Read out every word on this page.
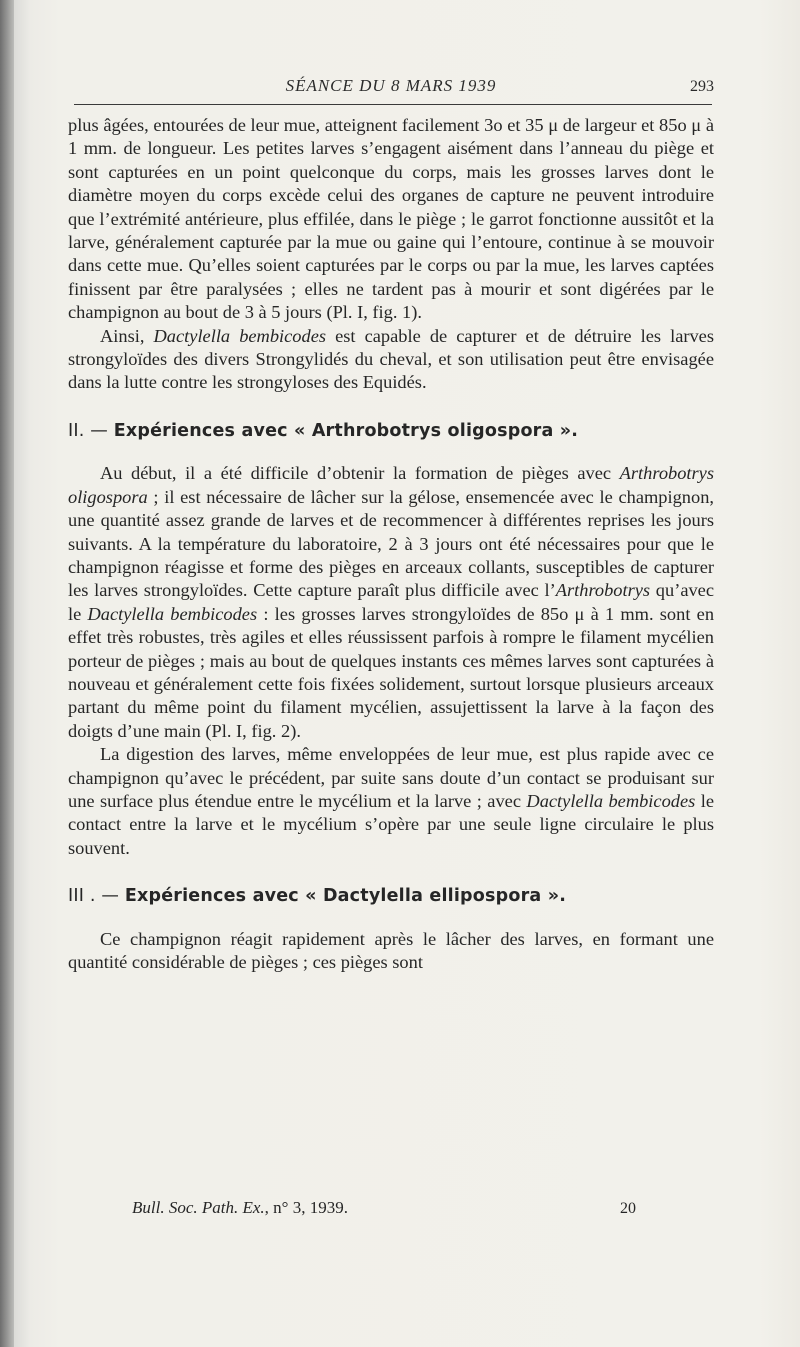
SÉANCE DU 8 MARS 1939	293

plus âgées, entourées de leur mue, atteignent facilement 3o et 35 μ de largeur et 85o μ à 1 mm. de longueur. Les petites larves s’engagent aisément dans l’anneau du piège et sont capturées en un point quelconque du corps, mais les grosses larves dont le diamètre moyen du corps excède celui des organes de capture ne peuvent introduire que l’extrémité antérieure, plus effilée, dans le piège ; le garrot fonctionne aussitôt et la larve, généralement capturée par la mue ou gaine qui l’entoure, continue à se mouvoir dans cette mue. Qu’elles soient capturées par le corps ou par la mue, les larves captées finissent par être paralysées ; elles ne tardent pas à mourir et sont digérées par le champignon au bout de 3 à 5 jours (Pl. I, fig. 1).

Ainsi, Dactylella bembicodes est capable de capturer et de détruire les larves strongyloïdes des divers Strongylidés du cheval, et son utilisation peut être envisagée dans la lutte contre les strongyloses des Equidés.

II. — Expériences avec « Arthrobotrys oligospora ».

Au début, il a été difficile d’obtenir la formation de pièges avec Arthrobotrys oligospora ; il est nécessaire de lâcher sur la gélose, ensemencée avec le champignon, une quantité assez grande de larves et de recommencer à différentes reprises les jours suivants. A la température du laboratoire, 2 à 3 jours ont été nécessaires pour que le champignon réagisse et forme des pièges en arceaux collants, susceptibles de capturer les larves strongyloïdes. Cette capture paraît plus difficile avec l’Arthrobotrys qu’avec le Dactylella bembicodes : les grosses larves strongyloïdes de 85o μ à 1 mm. sont en effet très robustes, très agiles et elles réussissent parfois à rompre le filament mycélien porteur de pièges ; mais au bout de quelques instants ces mêmes larves sont capturées à nouveau et généralement cette fois fixées solidement, surtout lorsque plusieurs arceaux partant du même point du filament mycélien, assujettissent la larve à la façon des doigts d’une main (Pl. I, fig. 2).

La digestion des larves, même enveloppées de leur mue, est plus rapide avec ce champignon qu’avec le précédent, par suite sans doute d’un contact se produisant sur une surface plus étendue entre le mycélium et la larve ; avec Dactylella bembicodes le contact entre la larve et le mycélium s’opère par une seule ligne circulaire le plus souvent.

III . — Expériences avec « Dactylella ellipospora ».

Ce champignon réagit rapidement après le lâcher des larves, en formant une quantité considérable de pièges ; ces pièges sont

Bull. Soc. Path. Ex., n° 3, 1939.	20
